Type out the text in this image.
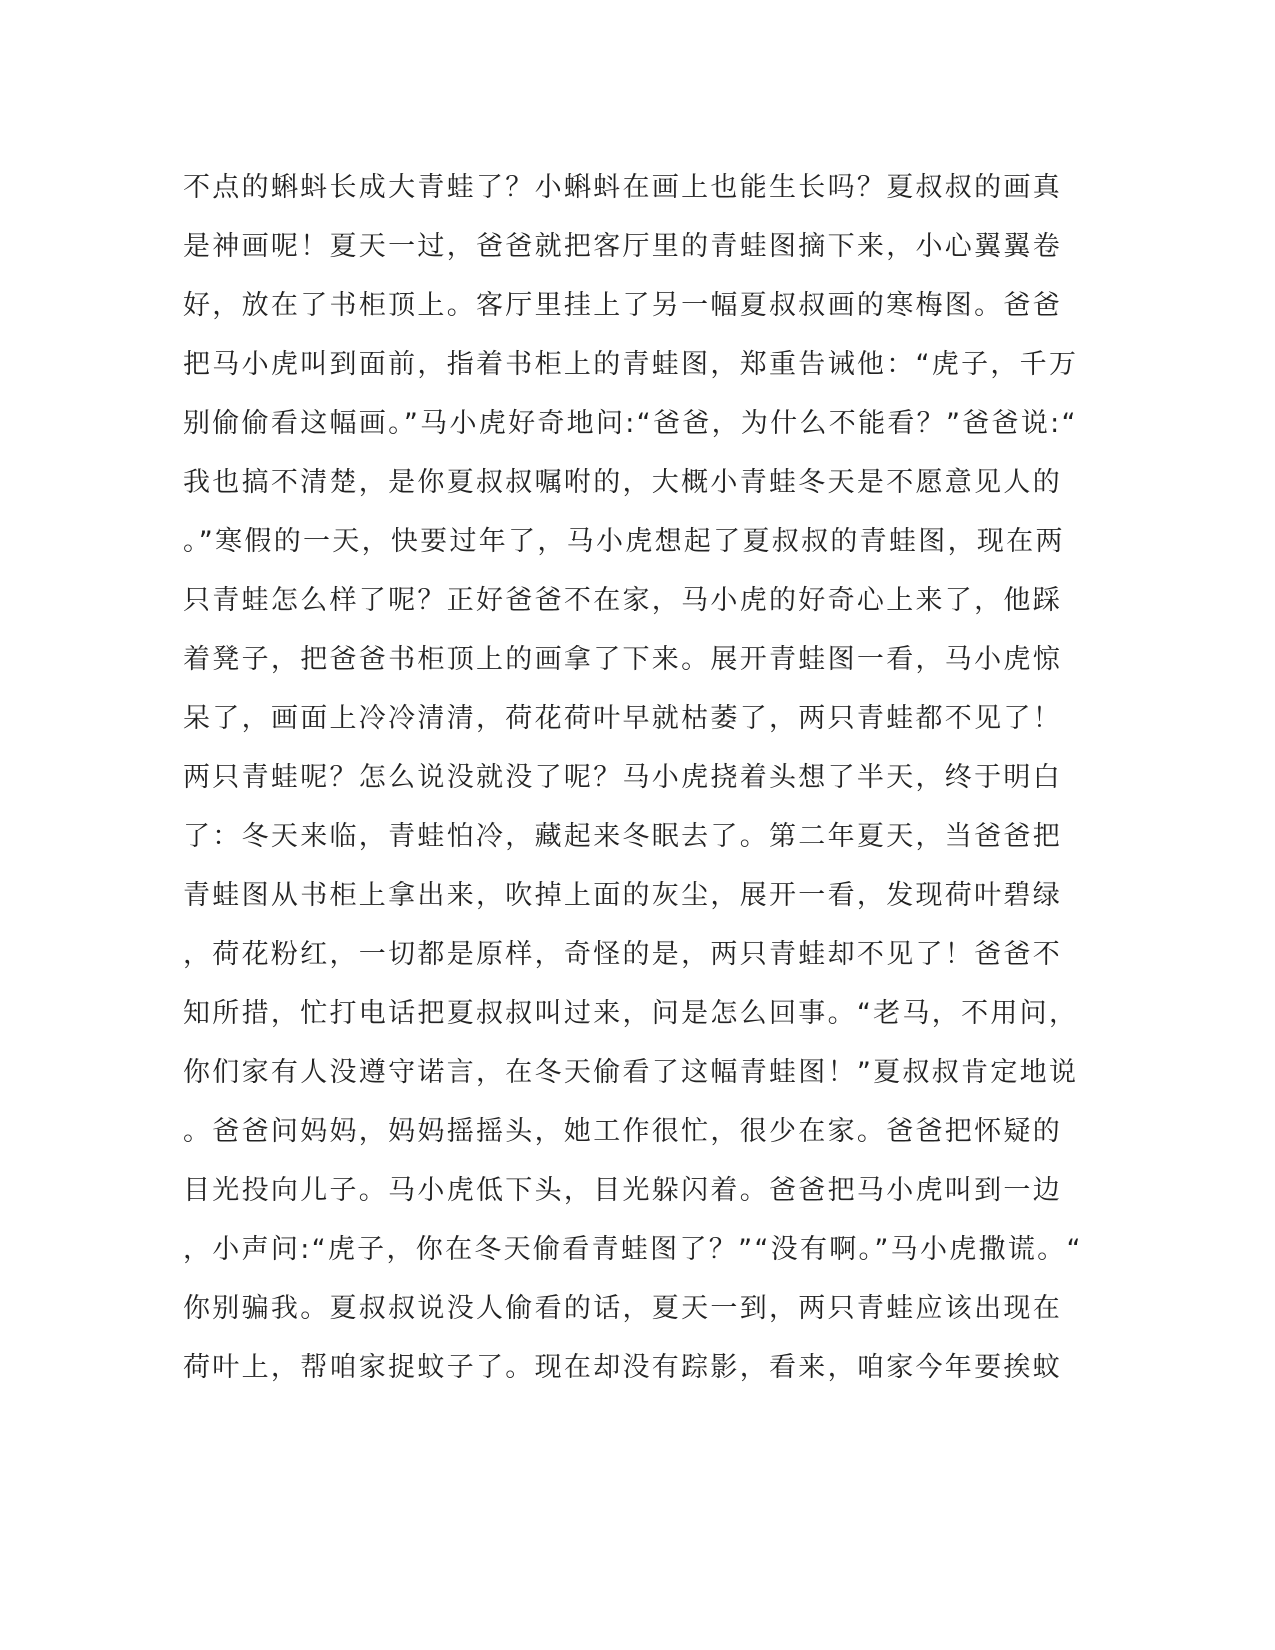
不点的蝌蚪长成大青蛙了？小蝌蚪在画上也能生长吗？夏叔叔的画真
是神画呢！夏天一过，爸爸就把客厅里的青蛙图摘下来，小心翼翼卷
好，放在了书柜顶上。客厅里挂上了另一幅夏叔叔画的寒梅图。爸爸
把马小虎叫到面前，指着书柜上的青蛙图，郑重告诫他：“虎子，千万
别偷偷看这幅画。”马小虎好奇地问:“爸爸，为什么不能看？”爸爸说:“
我也搞不清楚，是你夏叔叔嘱咐的，大概小青蛙冬天是不愿意见人的
。”寒假的一天，快要过年了，马小虎想起了夏叔叔的青蛙图，现在两
只青蛙怎么样了呢？正好爸爸不在家，马小虎的好奇心上来了，他踩
着凳子，把爸爸书柜顶上的画拿了下来。展开青蛙图一看，马小虎惊
呆了，画面上冷冷清清，荷花荷叶早就枯萎了，两只青蛙都不见了！
两只青蛙呢？怎么说没就没了呢？马小虎挠着头想了半天，终于明白
了：冬天来临，青蛙怕冷，藏起来冬眠去了。第二年夏天，当爸爸把
青蛙图从书柜上拿出来，吹掉上面的灰尘，展开一看，发现荷叶碧绿
，荷花粉红，一切都是原样，奇怪的是，两只青蛙却不见了！爸爸不
知所措，忙打电话把夏叔叔叫过来，问是怎么回事。“老马，不用问，
你们家有人没遵守诺言，在冬天偷看了这幅青蛙图！”夏叔叔肯定地说
。爸爸问妈妈，妈妈摇摇头，她工作很忙，很少在家。爸爸把怀疑的
目光投向儿子。马小虎低下头，目光躲闪着。爸爸把马小虎叫到一边
，小声问:“虎子，你在冬天偷看青蛙图了？”“没有啊。”马小虎撒谎。“
你别骗我。夏叔叔说没人偷看的话，夏天一到，两只青蛙应该出现在
荷叶上，帮咱家捉蚊子了。现在却没有踪影，看来，咱家今年要挨蚊
